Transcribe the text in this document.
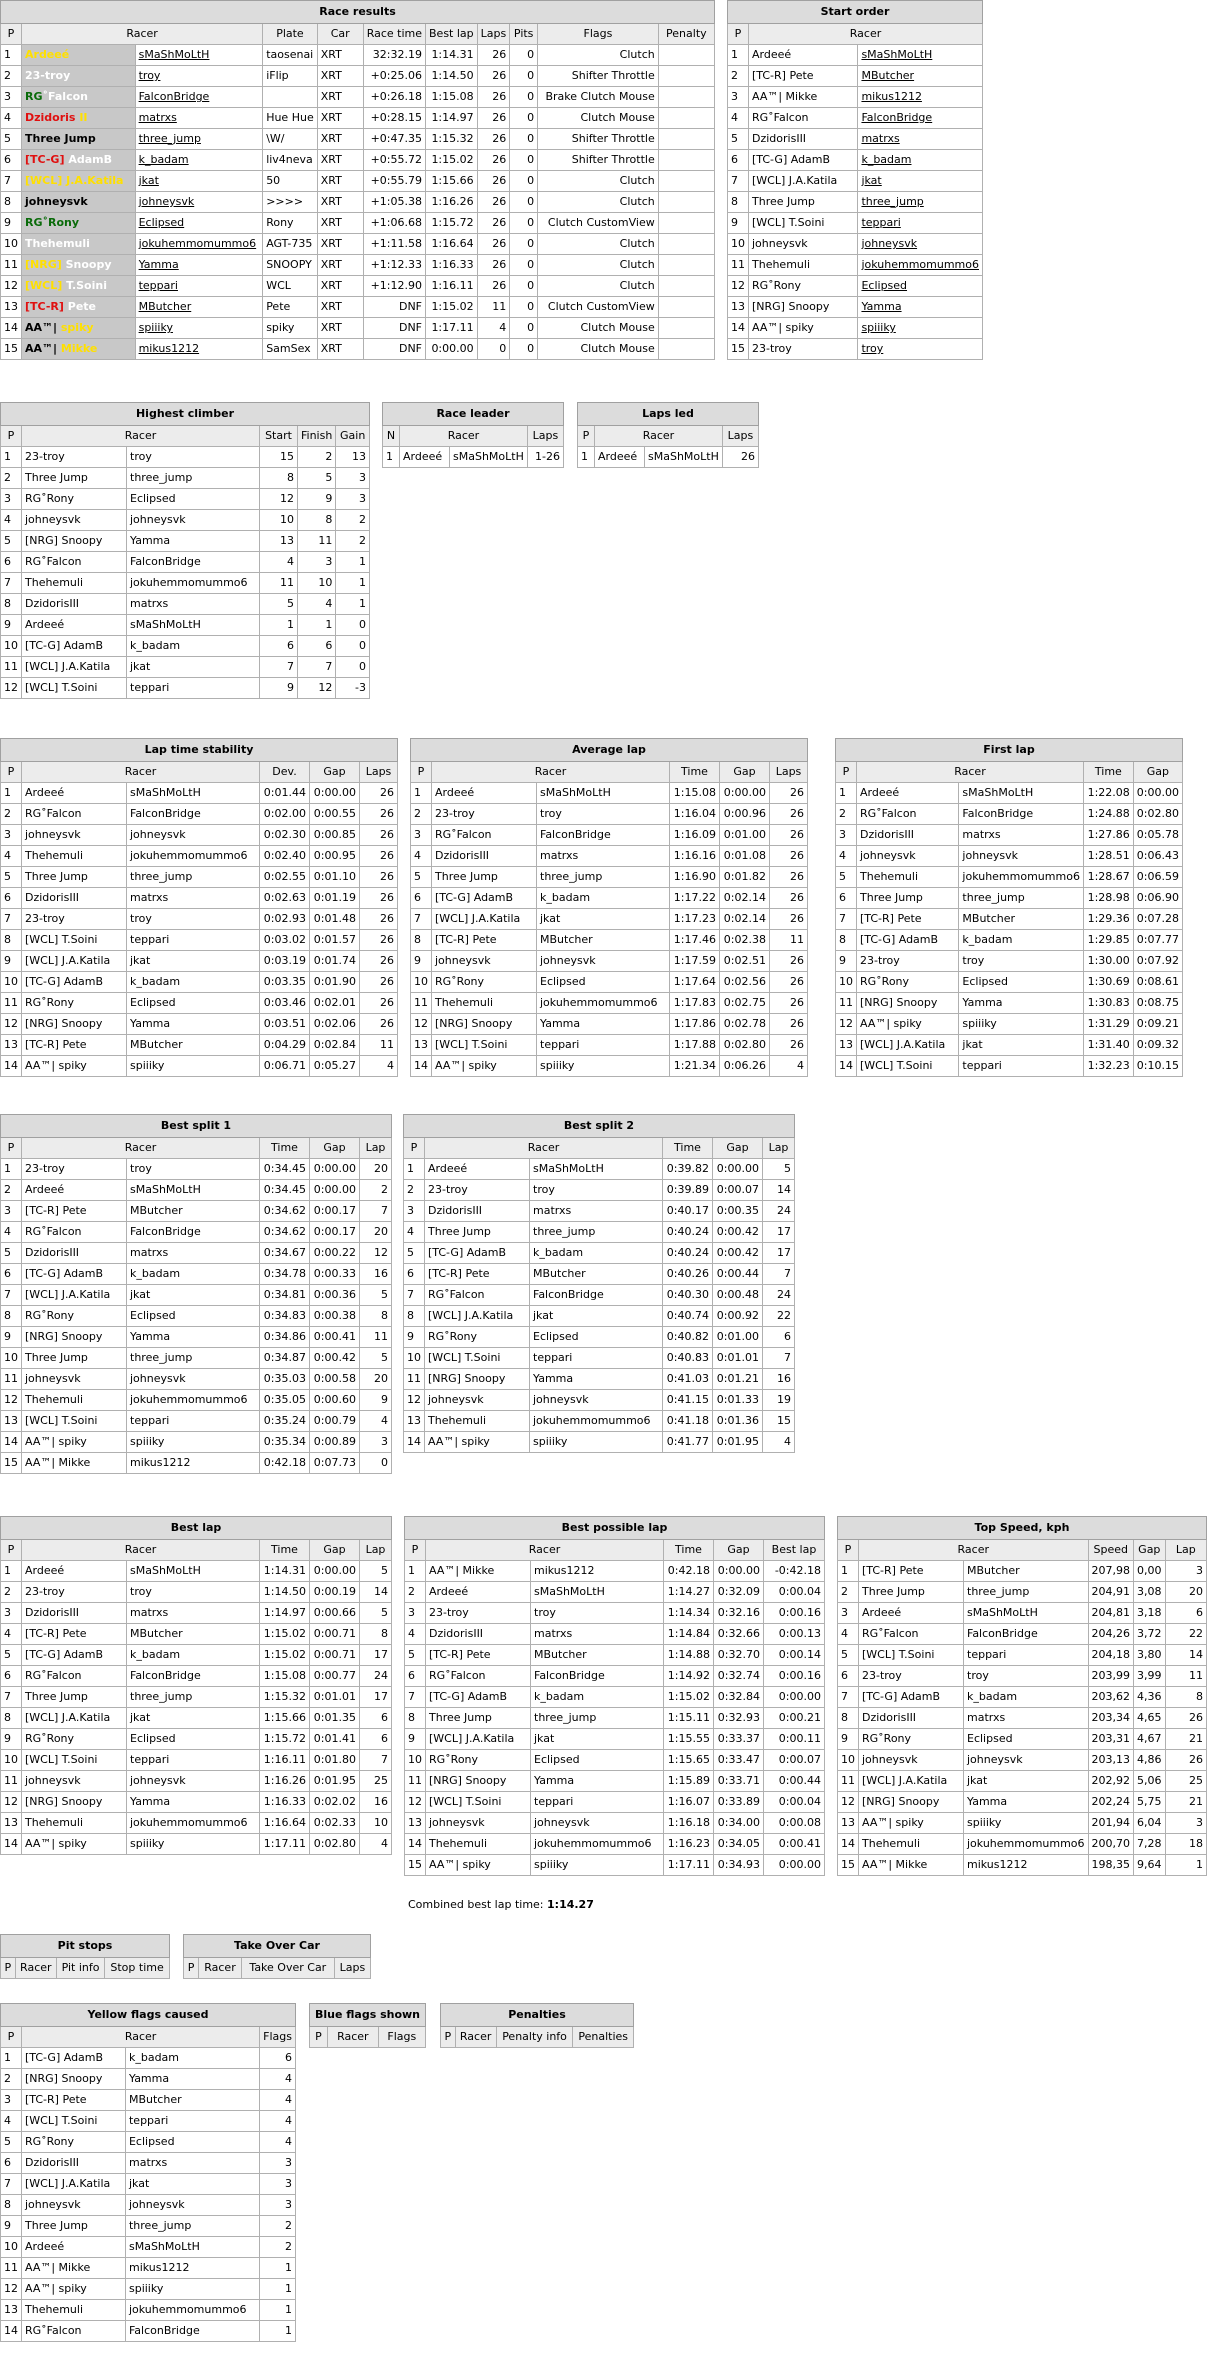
Race results										
P	Racer		Plate	Car	Race time	Best lap	Laps	Pits	Flags	Penalty
1	Ardeeé	sMaShMoLtH	taosenai	XRT	32:32.19	1:14.31	26	0	Clutch	
2	23-troy	troy	iFlip	XRT	+0:25.06	1:14.50	26	0	Shifter Throttle	
3	RG˚Falcon	FalconBridge		XRT	+0:26.18	1:15.08	26	0	Brake Clutch Mouse	
4	Dzidoris II	matrxs	Hue Hue	XRT	+0:28.15	1:14.97	26	0	Clutch Mouse	
5	Three Jump	three_jump	\W/	XRT	+0:47.35	1:15.32	26	0	Shifter Throttle	
6	[TC-G] AdamB	k_badam	liv4neva	XRT	+0:55.72	1:15.02	26	0	Shifter Throttle	
7	[WCL] J.A.Katila	jkat	50	XRT	+0:55.79	1:15.66	26	0	Clutch	
8	johneysvk	johneysvk	>>>>	XRT	+1:05.38	1:16.26	26	0	Clutch	
9	RG˚Rony	Eclipsed	Rony	XRT	+1:06.68	1:15.72	26	0	Clutch CustomView	
10	Thehemuli	jokuhemmomummo6	AGT-735	XRT	+1:11.58	1:16.64	26	0	Clutch	
11	[NRG] Snoopy	Yamma	SNOOPY	XRT	+1:12.33	1:16.33	26	0	Clutch	
12	[WCL] T.Soini	teppari	WCL	XRT	+1:12.90	1:16.11	26	0	Clutch	
13	[TC-R] Pete	MButcher	Pete	XRT	DNF	1:15.02	11	0	Clutch CustomView	
14	AA™| spiky	spiiiky	spiky	XRT	DNF	1:17.11	4	0	Clutch Mouse	
15	AA™| Mikke	mikus1212	SamSex	XRT	DNF	0:00.00	0	0	Clutch Mouse	
Start order		
P	Racer	
1	Ardeeé	sMaShMoLtH
2	[TC-R] Pete	MButcher
3	AA™| Mikke	mikus1212
4	RG˚Falcon	FalconBridge
5	DzidorisIII	matrxs
6	[TC-G] AdamB	k_badam
7	[WCL] J.A.Katila	jkat
8	Three Jump	three_jump
9	[WCL] T.Soini	teppari
10	johneysvk	johneysvk
11	Thehemuli	jokuhemmomummo6
12	RG˚Rony	Eclipsed
13	[NRG] Snoopy	Yamma
14	AA™| spiky	spiiiky
15	23-troy	troy
Highest climber					
P	Racer		Start	Finish	Gain
1	23-troy	troy	15	2	13
2	Three Jump	three_jump	8	5	3
3	RG˚Rony	Eclipsed	12	9	3
4	johneysvk	johneysvk	10	8	2
5	[NRG] Snoopy	Yamma	13	11	2
6	RG˚Falcon	FalconBridge	4	3	1
7	Thehemuli	jokuhemmomummo6	11	10	1
8	DzidorisIII	matrxs	5	4	1
9	Ardeeé	sMaShMoLtH	1	1	0
10	[TC-G] AdamB	k_badam	6	6	0
11	[WCL] J.A.Katila	jkat	7	7	0
12	[WCL] T.Soini	teppari	9	12	-3
Race leader			
N	Racer		Laps
1	Ardeeé	sMaShMoLtH	1-26
Laps led			
P	Racer		Laps
1	Ardeeé	sMaShMoLtH	26
Lap time stability					
P	Racer		Dev.	Gap	Laps
1	Ardeeé	sMaShMoLtH	0:01.44	0:00.00	26
2	RG˚Falcon	FalconBridge	0:02.00	0:00.55	26
3	johneysvk	johneysvk	0:02.30	0:00.85	26
4	Thehemuli	jokuhemmomummo6	0:02.40	0:00.95	26
5	Three Jump	three_jump	0:02.55	0:01.10	26
6	DzidorisIII	matrxs	0:02.63	0:01.19	26
7	23-troy	troy	0:02.93	0:01.48	26
8	[WCL] T.Soini	teppari	0:03.02	0:01.57	26
9	[WCL] J.A.Katila	jkat	0:03.19	0:01.74	26
10	[TC-G] AdamB	k_badam	0:03.35	0:01.90	26
11	RG˚Rony	Eclipsed	0:03.46	0:02.01	26
12	[NRG] Snoopy	Yamma	0:03.51	0:02.06	26
13	[TC-R] Pete	MButcher	0:04.29	0:02.84	11
14	AA™| spiky	spiiiky	0:06.71	0:05.27	4
Average lap					
P	Racer		Time	Gap	Laps
1	Ardeeé	sMaShMoLtH	1:15.08	0:00.00	26
2	23-troy	troy	1:16.04	0:00.96	26
3	RG˚Falcon	FalconBridge	1:16.09	0:01.00	26
4	DzidorisIII	matrxs	1:16.16	0:01.08	26
5	Three Jump	three_jump	1:16.90	0:01.82	26
6	[TC-G] AdamB	k_badam	1:17.22	0:02.14	26
7	[WCL] J.A.Katila	jkat	1:17.23	0:02.14	26
8	[TC-R] Pete	MButcher	1:17.46	0:02.38	11
9	johneysvk	johneysvk	1:17.59	0:02.51	26
10	RG˚Rony	Eclipsed	1:17.64	0:02.56	26
11	Thehemuli	jokuhemmomummo6	1:17.83	0:02.75	26
12	[NRG] Snoopy	Yamma	1:17.86	0:02.78	26
13	[WCL] T.Soini	teppari	1:17.88	0:02.80	26
14	AA™| spiky	spiiiky	1:21.34	0:06.26	4
First lap				
P	Racer		Time	Gap
1	Ardeeé	sMaShMoLtH	1:22.08	0:00.00
2	RG˚Falcon	FalconBridge	1:24.88	0:02.80
3	DzidorisIII	matrxs	1:27.86	0:05.78
4	johneysvk	johneysvk	1:28.51	0:06.43
5	Thehemuli	jokuhemmomummo6	1:28.67	0:06.59
6	Three Jump	three_jump	1:28.98	0:06.90
7	[TC-R] Pete	MButcher	1:29.36	0:07.28
8	[TC-G] AdamB	k_badam	1:29.85	0:07.77
9	23-troy	troy	1:30.00	0:07.92
10	RG˚Rony	Eclipsed	1:30.69	0:08.61
11	[NRG] Snoopy	Yamma	1:30.83	0:08.75
12	AA™| spiky	spiiiky	1:31.29	0:09.21
13	[WCL] J.A.Katila	jkat	1:31.40	0:09.32
14	[WCL] T.Soini	teppari	1:32.23	0:10.15
Best split 1					
P	Racer		Time	Gap	Lap
1	23-troy	troy	0:34.45	0:00.00	20
2	Ardeeé	sMaShMoLtH	0:34.45	0:00.00	2
3	[TC-R] Pete	MButcher	0:34.62	0:00.17	7
4	RG˚Falcon	FalconBridge	0:34.62	0:00.17	20
5	DzidorisIII	matrxs	0:34.67	0:00.22	12
6	[TC-G] AdamB	k_badam	0:34.78	0:00.33	16
7	[WCL] J.A.Katila	jkat	0:34.81	0:00.36	5
8	RG˚Rony	Eclipsed	0:34.83	0:00.38	8
9	[NRG] Snoopy	Yamma	0:34.86	0:00.41	11
10	Three Jump	three_jump	0:34.87	0:00.42	5
11	johneysvk	johneysvk	0:35.03	0:00.58	20
12	Thehemuli	jokuhemmomummo6	0:35.05	0:00.60	9
13	[WCL] T.Soini	teppari	0:35.24	0:00.79	4
14	AA™| spiky	spiiiky	0:35.34	0:00.89	3
15	AA™| Mikke	mikus1212	0:42.18	0:07.73	0
Best split 2					
P	Racer		Time	Gap	Lap
1	Ardeeé	sMaShMoLtH	0:39.82	0:00.00	5
2	23-troy	troy	0:39.89	0:00.07	14
3	DzidorisIII	matrxs	0:40.17	0:00.35	24
4	Three Jump	three_jump	0:40.24	0:00.42	17
5	[TC-G] AdamB	k_badam	0:40.24	0:00.42	17
6	[TC-R] Pete	MButcher	0:40.26	0:00.44	7
7	RG˚Falcon	FalconBridge	0:40.30	0:00.48	24
8	[WCL] J.A.Katila	jkat	0:40.74	0:00.92	22
9	RG˚Rony	Eclipsed	0:40.82	0:01.00	6
10	[WCL] T.Soini	teppari	0:40.83	0:01.01	7
11	[NRG] Snoopy	Yamma	0:41.03	0:01.21	16
12	johneysvk	johneysvk	0:41.15	0:01.33	19
13	Thehemuli	jokuhemmomummo6	0:41.18	0:01.36	15
14	AA™| spiky	spiiiky	0:41.77	0:01.95	4
Best lap					
P	Racer		Time	Gap	Lap
1	Ardeeé	sMaShMoLtH	1:14.31	0:00.00	5
2	23-troy	troy	1:14.50	0:00.19	14
3	DzidorisIII	matrxs	1:14.97	0:00.66	5
4	[TC-R] Pete	MButcher	1:15.02	0:00.71	8
5	[TC-G] AdamB	k_badam	1:15.02	0:00.71	17
6	RG˚Falcon	FalconBridge	1:15.08	0:00.77	24
7	Three Jump	three_jump	1:15.32	0:01.01	17
8	[WCL] J.A.Katila	jkat	1:15.66	0:01.35	6
9	RG˚Rony	Eclipsed	1:15.72	0:01.41	6
10	[WCL] T.Soini	teppari	1:16.11	0:01.80	7
11	johneysvk	johneysvk	1:16.26	0:01.95	25
12	[NRG] Snoopy	Yamma	1:16.33	0:02.02	16
13	Thehemuli	jokuhemmomummo6	1:16.64	0:02.33	10
14	AA™| spiky	spiiiky	1:17.11	0:02.80	4
Best possible lap					
P	Racer		Time	Gap	Best lap
1	AA™| Mikke	mikus1212	0:42.18	0:00.00	-0:42.18
2	Ardeeé	sMaShMoLtH	1:14.27	0:32.09	0:00.04
3	23-troy	troy	1:14.34	0:32.16	0:00.16
4	DzidorisIII	matrxs	1:14.84	0:32.66	0:00.13
5	[TC-R] Pete	MButcher	1:14.88	0:32.70	0:00.14
6	RG˚Falcon	FalconBridge	1:14.92	0:32.74	0:00.16
7	[TC-G] AdamB	k_badam	1:15.02	0:32.84	0:00.00
8	Three Jump	three_jump	1:15.11	0:32.93	0:00.21
9	[WCL] J.A.Katila	jkat	1:15.55	0:33.37	0:00.11
10	RG˚Rony	Eclipsed	1:15.65	0:33.47	0:00.07
11	[NRG] Snoopy	Yamma	1:15.89	0:33.71	0:00.44
12	[WCL] T.Soini	teppari	1:16.07	0:33.89	0:00.04
13	johneysvk	johneysvk	1:16.18	0:34.00	0:00.08
14	Thehemuli	jokuhemmomummo6	1:16.23	0:34.05	0:00.41
15	AA™| spiky	spiiiky	1:17.11	0:34.93	0:00.00
Combined best lap time: 1:14.27
Top Speed, kph					
P	Racer		Speed	Gap	Lap
1	[TC-R] Pete	MButcher	207,98	0,00	3
2	Three Jump	three_jump	204,91	3,08	20
3	Ardeeé	sMaShMoLtH	204,81	3,18	6
4	RG˚Falcon	FalconBridge	204,26	3,72	22
5	[WCL] T.Soini	teppari	204,18	3,80	14
6	23-troy	troy	203,99	3,99	11
7	[TC-G] AdamB	k_badam	203,62	4,36	8
8	DzidorisIII	matrxs	203,34	4,65	26
9	RG˚Rony	Eclipsed	203,31	4,67	21
10	johneysvk	johneysvk	203,13	4,86	26
11	[WCL] J.A.Katila	jkat	202,92	5,06	25
12	[NRG] Snoopy	Yamma	202,24	5,75	21
13	AA™| spiky	spiiiky	201,94	6,04	3
14	Thehemuli	jokuhemmomummo6	200,70	7,28	18
15	AA™| Mikke	mikus1212	198,35	9,64	1
Pit stops
P	Racer	Pit info	Stop time
Take Over Car
P	Racer	Take Over Car	Laps
Yellow flags caused			
P	Racer		Flags
1	[TC-G] AdamB	k_badam	6
2	[NRG] Snoopy	Yamma	4
3	[TC-R] Pete	MButcher	4
4	[WCL] T.Soini	teppari	4
5	RG˚Rony	Eclipsed	4
6	DzidorisIII	matrxs	3
7	[WCL] J.A.Katila	jkat	3
8	johneysvk	johneysvk	3
9	Three Jump	three_jump	2
10	Ardeeé	sMaShMoLtH	2
11	AA™| Mikke	mikus1212	1
12	AA™| spiky	spiiiky	1
13	Thehemuli	jokuhemmomummo6	1
14	RG˚Falcon	FalconBridge	1
Blue flags shown
P	Racer	Flags
Penalties
P	Racer	Penalty info	Penalties
